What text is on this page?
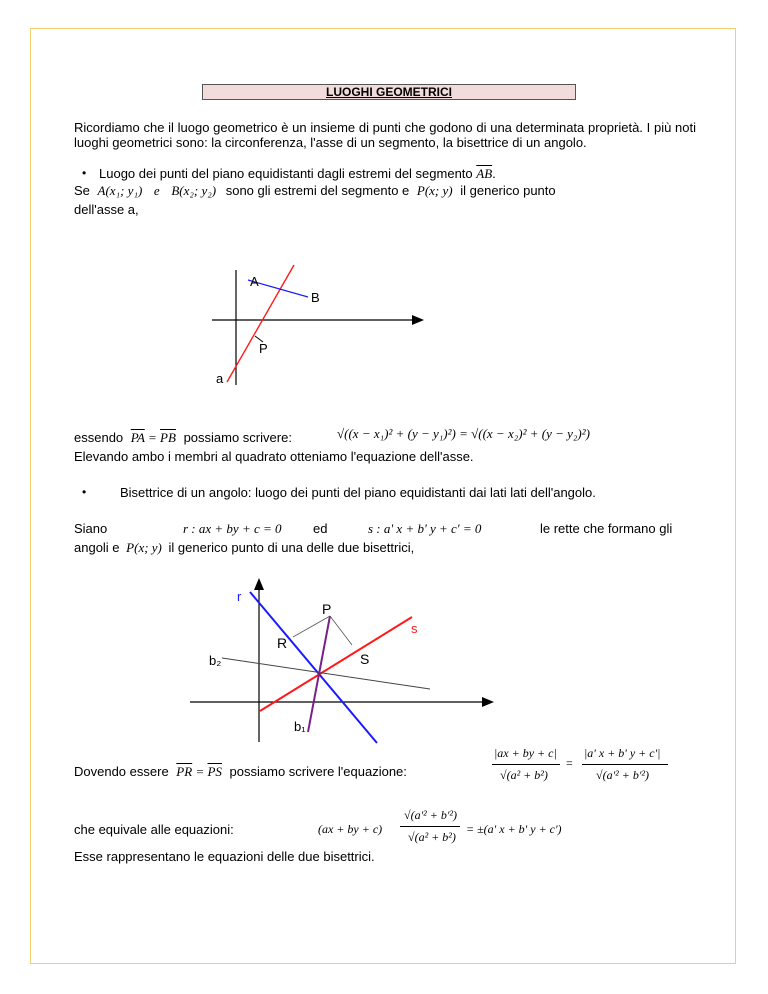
LUOGHI GEOMETRICI
Ricordiamo che il luogo geometrico è un insieme di punti che godono di una determinata proprietà. I più noti luoghi geometrici sono: la circonferenza, l'asse di un segmento, la bisettrice di un angolo.
• Luogo dei punti del piano equidistanti dagli estremi del segmento $\overline{AB}$.
Se A(x₁; y₁) e B(x₂; y₂) sono gli estremi del segmento e P(x; y) il generico punto
dell'asse a,
A
B
P
a
r
P
s
R
S
b₂
b₁
essendo $\overline{PA} = \overline{PB}$ possiamo scrivere:	√((x − x₁)² + (y − y₁)²) = √((x − x₂)² + (y − y₂)²)
Elevando ambo i membri al quadrato otteniamo l'equazione dell'asse.
•	Bisettrice di un angolo: luogo dei punti del piano equidistanti dai lati lati dell'angolo.
Siano	r : ax + by + c = 0 ed	s : a' x + b' y + c' = 0	le rette che formano gli
angoli e P(x; y) il generico punto di una delle due bisettrici,
Dovendo essere $\overline{PR} = \overline{PS}$ possiamo scrivere l'equazione:
|ax + by + c|
√(a² + b²)
=
|a' x + b' y + c'|
√(a'² + b'²)
che equivale alle equazioni:	(ax + by + c)
√(a'² + b'²)
√(a² + b²)
= ±(a' x + b' y + c')
Esse rappresentano le equazioni delle due bisettrici.
